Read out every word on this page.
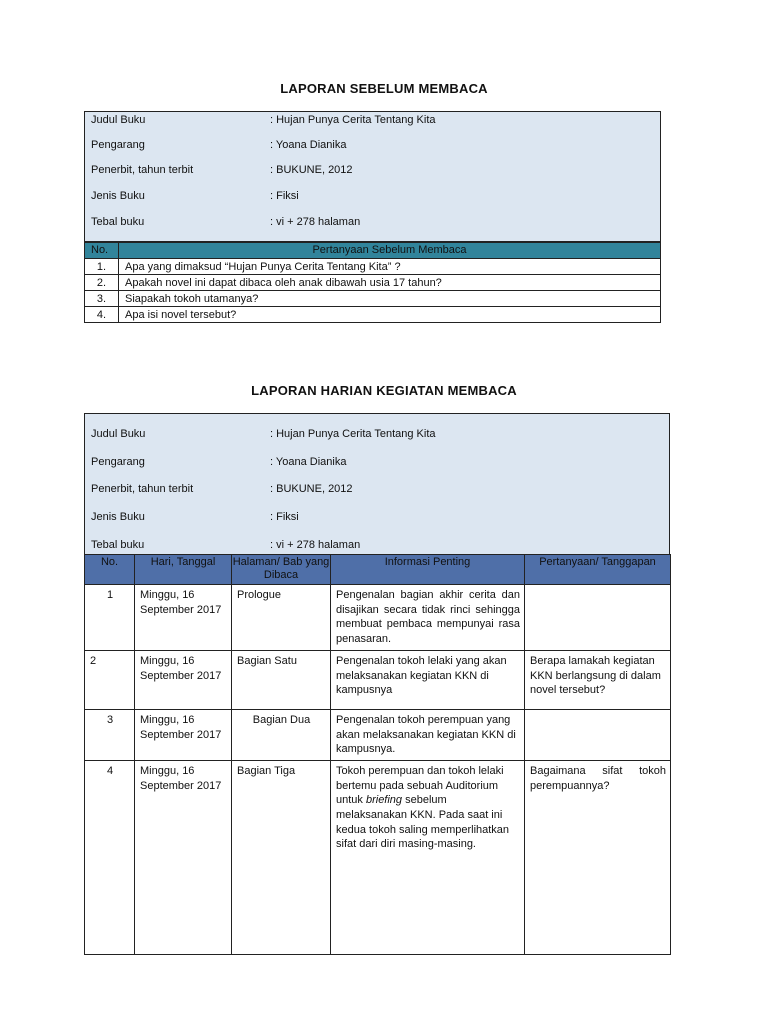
LAPORAN SEBELUM MEMBACA
Judul Buku	: Hujan Punya Cerita Tentang Kita
Pengarang	: Yoana Dianika
Penerbit, tahun terbit	: BUKUNE, 2012
Jenis Buku	: Fiksi
Tebal buku	: vi + 278 halaman
No.	Pertanyaan Sebelum Membaca
1.	Apa yang dimaksud “Hujan Punya Cerita Tentang Kita” ?
2.	Apakah novel ini dapat dibaca oleh anak dibawah usia 17 tahun?
3.	Siapakah tokoh utamanya?
4.	Apa isi novel tersebut?
LAPORAN HARIAN KEGIATAN MEMBACA
Judul Buku	: Hujan Punya Cerita Tentang Kita
Pengarang	: Yoana Dianika
Penerbit, tahun terbit	: BUKUNE, 2012
Jenis Buku	: Fiksi
Tebal buku	: vi + 278 halaman
No.	Hari, Tanggal	Halaman/ Bab yang Dibaca	Informasi Penting	Pertanyaan/ Tanggapan
1	Minggu, 16 September 2017	Prologue	Pengenalan bagian akhir cerita dan disajikan secara tidak rinci sehingga membuat pembaca mempunyai rasa penasaran.	
2	Minggu, 16 September 2017	Bagian Satu	Pengenalan tokoh lelaki yang akan melaksanakan kegiatan KKN di kampusnya	Berapa lamakah kegiatan KKN berlangsung di dalam novel tersebut?
3	Minggu, 16 September 2017	Bagian Dua	Pengenalan tokoh perempuan yang akan melaksanakan kegiatan KKN di kampusnya.	
4	Minggu, 16 September 2017	Bagian Tiga	Tokoh perempuan dan tokoh lelaki bertemu pada sebuah Auditorium untuk briefing sebelum melaksanakan KKN. Pada saat ini kedua tokoh saling memperlihatkan sifat dari diri masing-masing.	Bagaimana sifat tokoh perempuannya?
